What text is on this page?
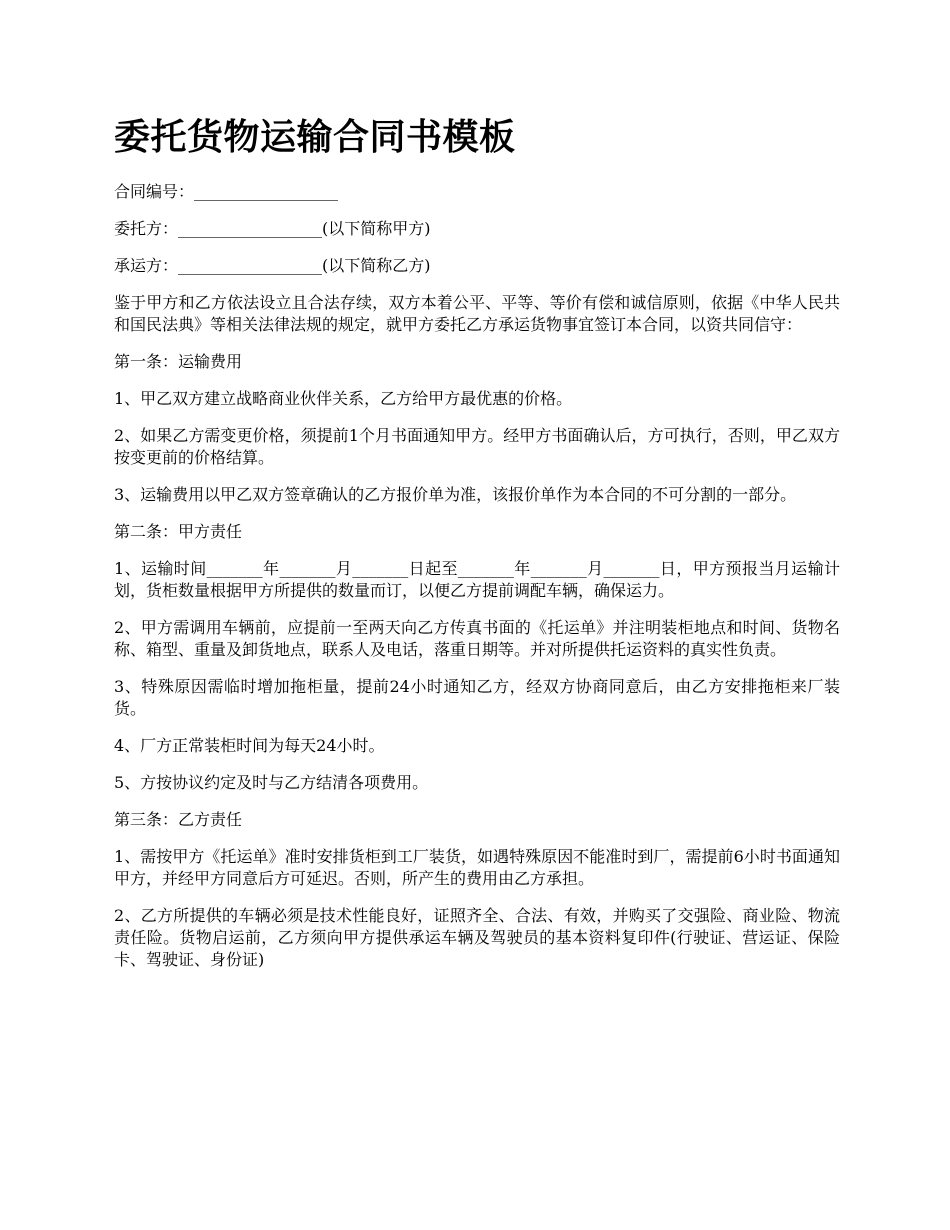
委托货物运输合同书模板

合同编号：__________________

委托方：__________________(以下简称甲方)

承运方：__________________(以下简称乙方)

鉴于甲方和乙方依法设立且合法存续，双方本着公平、平等、等价有偿和诚信原则，依据《中华人民共和国民法典》等相关法律法规的规定，就甲方委托乙方承运货物事宜签订本合同，以资共同信守：

第一条：运输费用

1、甲乙双方建立战略商业伙伴关系，乙方给甲方最优惠的价格。

2、如果乙方需变更价格，须提前1个月书面通知甲方。经甲方书面确认后，方可执行，否则，甲乙双方按变更前的价格结算。

3、运输费用以甲乙双方签章确认的乙方报价单为准，该报价单作为本合同的不可分割的一部分。

第二条：甲方责任

1、运输时间_______年_______月_______日起至_______年_______月_______日，甲方预报当月运输计划，货柜数量根据甲方所提供的数量而订，以便乙方提前调配车辆，确保运力。

2、甲方需调用车辆前，应提前一至两天向乙方传真书面的《托运单》并注明装柜地点和时间、货物名称、箱型、重量及卸货地点，联系人及电话，落重日期等。并对所提供托运资料的真实性负责。

3、特殊原因需临时增加拖柜量，提前24小时通知乙方，经双方协商同意后，由乙方安排拖柜来厂装货。

4、厂方正常装柜时间为每天24小时。

5、方按协议约定及时与乙方结清各项费用。

第三条：乙方责任

1、需按甲方《托运单》准时安排货柜到工厂装货，如遇特殊原因不能准时到厂，需提前6小时书面通知甲方，并经甲方同意后方可延迟。否则，所产生的费用由乙方承担。

2、乙方所提供的车辆必须是技术性能良好，证照齐全、合法、有效，并购买了交强险、商业险、物流责任险。货物启运前，乙方须向甲方提供承运车辆及驾驶员的基本资料复印件(行驶证、营运证、保险卡、驾驶证、身份证)
